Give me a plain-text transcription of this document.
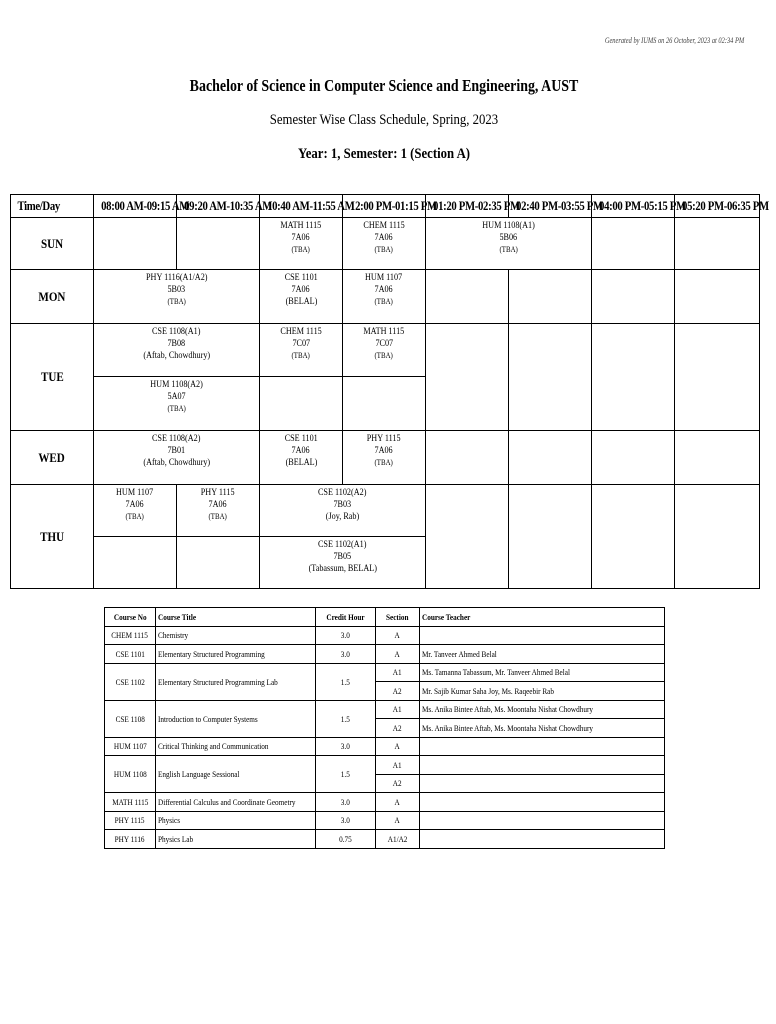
Generated by IUMS on 26 October, 2023 at 02:34 PM
Bachelor of Science in Computer Science and Engineering, AUST
Semester Wise Class Schedule, Spring, 2023
Year: 1, Semester: 1 (Section A)
Time/Day	08:00 AM-09:15 AM	09:20 AM-10:35 AM	10:40 AM-11:55 AM	12:00 PM-01:15 PM	01:20 PM-02:35 PM	02:40 PM-03:55 PM	04:00 PM-05:15 PM	05:20 PM-06:35 PM
SUN			MATH 1115
7A06
(TBA)	CHEM 1115
7A06
(TBA)	HUM 1108(A1)
5B06
(TBA)			

MON	PHY 1116(A1/A2)
5B03
(TBA)		CSE 1101
7A06
(BELAL)	HUM 1107
7A06
(TBA)				

TUE	CSE 1108(A1)
7B08
(Aftab, Chowdhury)		CHEM 1115
7C07
(TBA)	MATH 1115
7C07
(TBA)				

	HUM 1108(A2)
5A07
(TBA)							

WED	CSE 1108(A2)
7B01
(Aftab, Chowdhury)		CSE 1101
7A06
(BELAL)	PHY 1115
7A06
(TBA)				

THU	HUM 1107
7A06
(TBA)	PHY 1115
7A06
(TBA)	CSE 1102(A2)
7B03
(Joy, Rab)					

			CSE 1102(A1)
7B05
(Tabassum, BELAL)					
Course No	Course Title	Credit Hour	Section	Course Teacher
CHEM 1115	Chemistry	3.0	A	
CSE 1101	Elementary Structured Programming	3.0	A	Mr. Tanveer Ahmed Belal
CSE 1102	Elementary Structured Programming Lab	1.5	A1	Ms. Tamanna Tabassum, Mr. Tanveer Ahmed Belal
			A2	Mr. Sajib Kumar Saha Joy, Ms. Raqeebir Rab
CSE 1108	Introduction to Computer Systems	1.5	A1	Ms. Anika Bintee Aftab, Ms. Moontaha Nishat Chowdhury
			A2	Ms. Anika Bintee Aftab, Ms. Moontaha Nishat Chowdhury
HUM 1107	Critical Thinking and Communication	3.0	A	
HUM 1108	English Language Sessional	1.5	A1	
			A2	
MATH 1115	Differential Calculus and Coordinate Geometry	3.0	A	
PHY 1115	Physics	3.0	A	
PHY 1116	Physics Lab	0.75	A1/A2	
